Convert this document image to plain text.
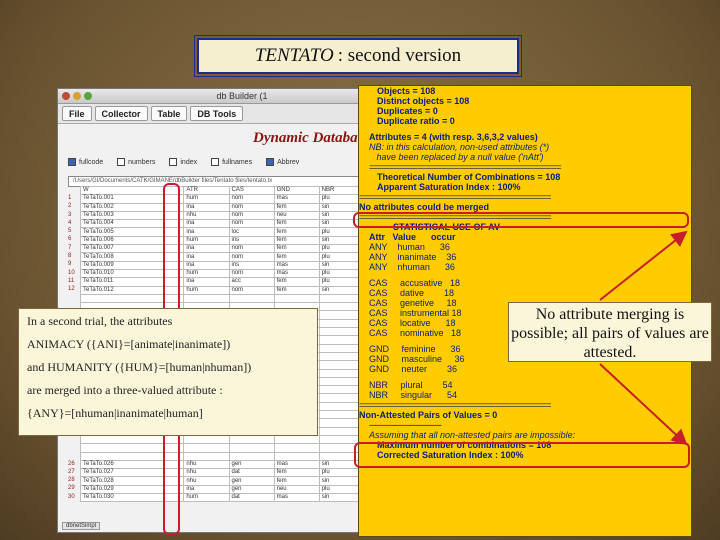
TENTATO : second version
db Builder (1
File	Collector	Table	DB Tools
Dynamic Databa
fullcode	numbers	index	fullnames	Abbrev
/Users/GI/Documents/CATK/GIMANE/dbBuilder files/Tentato files/tentato.tx
1
2
3
4
5
6
7
8
9
10
11
12
26
27
28
29
30
W	ATR	CAS	GND	NBR	
TeTaTo.001	hum	nom	mas	plu	
TeTaTo.002	ina	nom	fem	sin	
TeTaTo.003	nhu	nom	neu	sin	
TeTaTo.004	ina	nom	fem	sin	
TeTaTo.005	ina	loc	fem	plu	
TeTaTo.006	hum	ins	fem	sin	
TeTaTo.007	ina	nom	fem	plu	
TeTaTo.008	ina	nom	fem	plu	
TeTaTo.009	ina	ins	mas	sin	
TeTaTo.010	hum	nom	mas	plu	
TeTaTo.011	ina	acc	fem	plu	
TeTaTo.012	hum	nom	fem	sin	

TeTaTo.026	nhu	gen	mas	sin	
TeTaTo.027	nhu	dat	fem	plu	
TeTaTo.028	nhu	gen	fem	sin	
TeTaTo.029	ina	gen	neu	plu	
TeTaTo.030	hum	dat	mas	sin	
dbnetSimpl
Objects = 108
Distinct objects = 108
Duplicates = 0
Duplicate ratio = 0
Attributes = 4 (with resp. 3,6,3,2 values)
NB: in this calculation, non-used attributes (*)
have been replaced by a null value ('nAtt')
=============================================
Theoretical Number of Combinations = 108
Apparent Saturation Index : 100%
=============================================
No attributes could be merged
=============================================
STATISTICAL USE OF AV
Attr   Value      occur
ANY    human      36
ANY    inanimate    36
ANY    nhuman      36
CAS     accusative   18
CAS     dative        18
CAS     genetive     18
CAS     instrumental 18
CAS     locative      18
CAS     nominative   18
GND     feminine      36
GND     masculine     36
GND     neuter        36
NBR     plural        54
NBR     singular      54
=============================================
Non-Attested Pairs of Values = 0
------------------------------------
Assuming that all non-attested pairs are impossible:
Maximum number of combinations = 108
Corrected Saturation Index : 100%

In a second trial, the attributes

ANIMACY ({ANI}=[animate|inanimate])

and HUMANITY ({HUM}=[human|nhuman])

are merged into a three-valued attribute :

{ANY}=[nhuman|inanimate|human]

No attribute merging is possible; all pairs of values are attested.
